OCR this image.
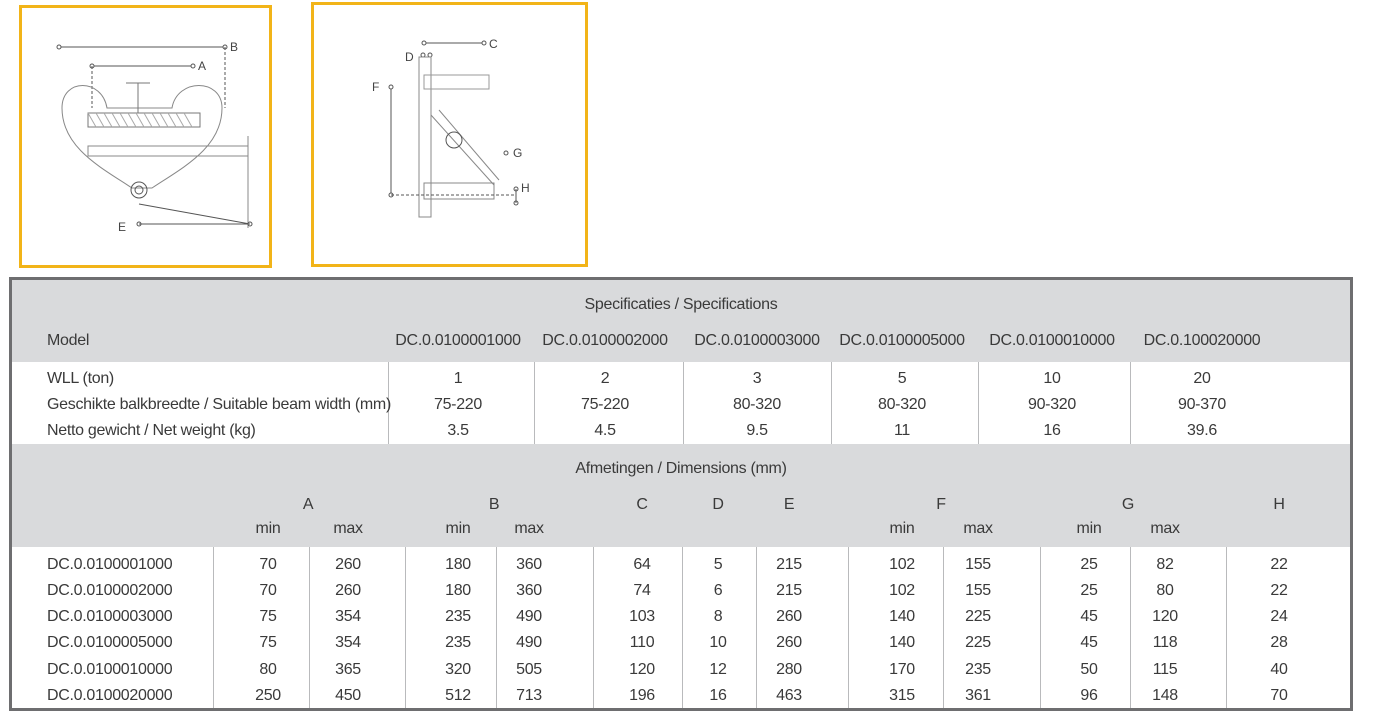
B
A
E
C
D
F
G
H
Specificaties / Specifications
Model	DC.0.0100001000 DC.0.0100002000 DC.0.0100003000 DC.0.0100005000 DC.0.0100010000 DC.0.100020000
WLL (ton)	1	2	3	5	10	20
Geschikte balkbreedte / Suitable beam width (mm)	75-220	75-220	80-320	80-320	90-320	90-370
Netto gewicht / Net weight (kg)	3.5	4.5	9.5	11	16	39.6
Afmetingen / Dimensions (mm)
A	B	C	D	E	F	G	H
min	max	min	max	min	max	min	max
DC.0.0100001000	70	260	180	360	64	5	215	102	155	25	82	22
DC.0.0100002000	70	260	180	360	74	6	215	102	155	25	80	22
DC.0.0100003000	75	354	235	490	103	8	260	140	225	45	120	24
DC.0.0100005000	75	354	235	490	110	10	260	140	225	45	118	28
DC.0.0100010000	80	365	320	505	120	12	280	170	235	50	115	40
DC.0.0100020000	250	450	512	713	196	16	463	315	361	96	148	70
